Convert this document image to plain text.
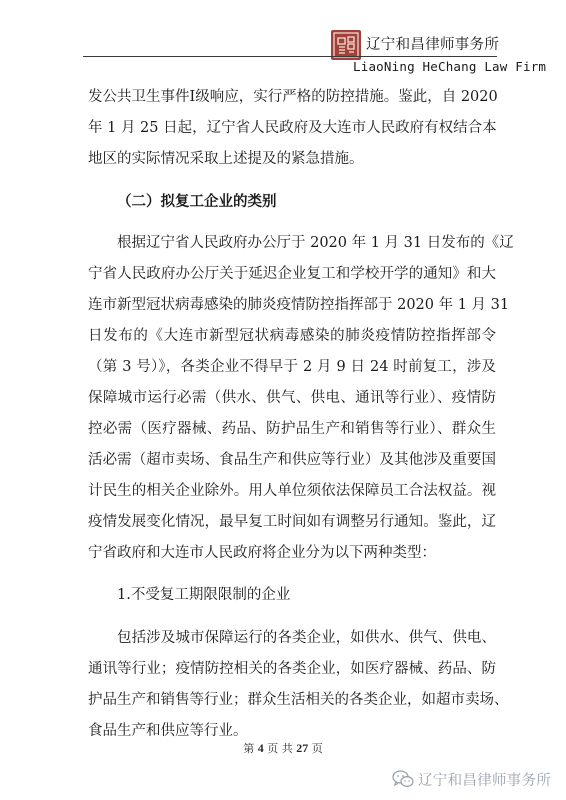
辽宁和昌律师事务所
LiaoNing HeChang Law Firm
发公共卫生事件Ⅰ级响应，实行严格的防控措施。鉴此，自 2020
年 1 月 25 日起，辽宁省人民政府及大连市人民政府有权结合本
地区的实际情况采取上述提及的紧急措施。
（二）拟复工企业的类别
根据辽宁省人民政府办公厅于 2020 年 1 月 31 日发布的《辽
宁省人民政府办公厅关于延迟企业复工和学校开学的通知》和大
连市新型冠状病毒感染的肺炎疫情防控指挥部于 2020 年 1 月 31
日发布的《大连市新型冠状病毒感染的肺炎疫情防控指挥部令
（第 3 号）》，各类企业不得早于 2 月 9 日 24 时前复工，涉及
保障城市运行必需（供水、供气、供电、通讯等行业）、疫情防
控必需（医疗器械、药品、防护品生产和销售等行业）、群众生
活必需（超市卖场、食品生产和供应等行业）及其他涉及重要国
计民生的相关企业除外。用人单位须依法保障员工合法权益。视
疫情发展变化情况，最早复工时间如有调整另行通知。鉴此，辽
宁省政府和大连市人民政府将企业分为以下两种类型：
1.不受复工期限限制的企业
包括涉及城市保障运行的各类企业，如供水、供气、供电、
通讯等行业；疫情防控相关的各类企业，如医疗器械、药品、防
护品生产和销售等行业；群众生活相关的各类企业，如超市卖场、
食品生产和供应等行业。
第 4 页 共 27 页
辽宁和昌律师事务所
